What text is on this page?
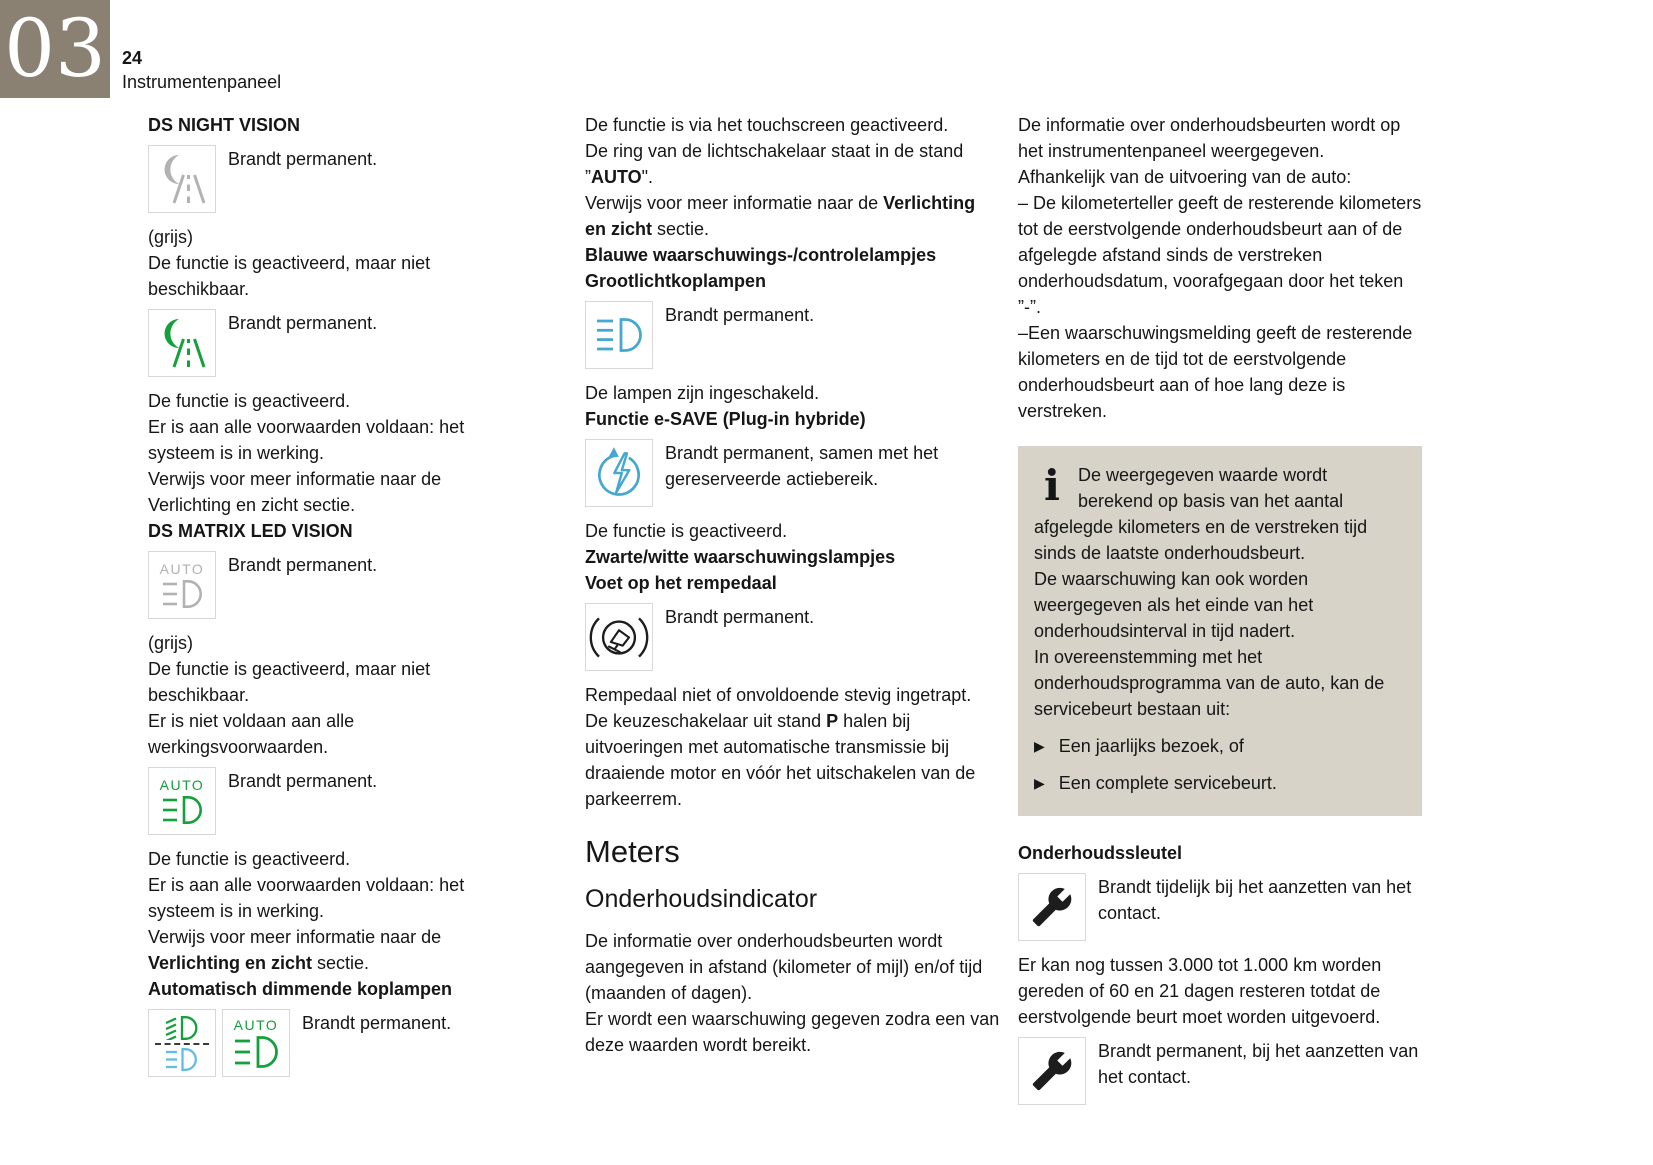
03 24
Instrumentenpaneel

DS NIGHT VISION

Brandt permanent.

(grijs)

De functie is geactiveerd, maar niet beschikbaar.

Brandt permanent.

De functie is geactiveerd.

Er is aan alle voorwaarden voldaan: het systeem is in werking.

Verwijs voor meer informatie naar de Verlichting en zicht sectie.

DS MATRIX LED VISION

AUTO Brandt permanent.

(grijs)

De functie is geactiveerd, maar niet beschikbaar.

Er is niet voldaan aan alle werkingsvoorwaarden.

AUTO Brandt permanent.

De functie is geactiveerd.

Er is aan alle voorwaarden voldaan: het systeem is in werking.

Verwijs voor meer informatie naar de Verlichting en zicht sectie.

Automatisch dimmende koplampen

AUTO Brandt permanent.

De functie is via het touchscreen geactiveerd.

De ring van de lichtschakelaar staat in de stand ”AUTO".

Verwijs voor meer informatie naar de Verlichting en zicht sectie.

Blauwe waarschuwings-/controlelampjes

Grootlichtkoplampen

Brandt permanent.

De lampen zijn ingeschakeld.

Functie e-SAVE (Plug-in hybride)

Brandt permanent, samen met het gereserveerde actiebereik.

De functie is geactiveerd.

Zwarte/witte waarschuwingslampjes

Voet op het rempedaal

Brandt permanent.

Rempedaal niet of onvoldoende stevig ingetrapt.

De keuzeschakelaar uit stand P halen bij uitvoeringen met automatische transmissie bij draaiende motor en vóór het uitschakelen van de parkeerrem.

Meters
Onderhoudsindicator

De informatie over onderhoudsbeurten wordt aangegeven in afstand (kilometer of mijl) en/of tijd (maanden of dagen).

Er wordt een waarschuwing gegeven zodra een van deze waarden wordt bereikt.

De informatie over onderhoudsbeurten wordt op het instrumentenpaneel weergegeven.

Afhankelijk van de uitvoering van de auto:

– De kilometerteller geeft de resterende kilometers tot de eerstvolgende onderhoudsbeurt aan of de afgelegde afstand sinds de verstreken onderhoudsdatum, voorafgegaan door het teken ”-”.

–Een waarschuwingsmelding geeft de resterende kilometers en de tijd tot de eerstvolgende onderhoudsbeurt aan of hoe lang deze is verstreken.

i	De weergegeven waarde wordt berekend op basis van het aantal afgelegde kilometers en de verstreken tijd sinds de laatste onderhoudsbeurt.

De waarschuwing kan ook worden weergegeven als het einde van het onderhoudsinterval in tijd nadert.

In overeenstemming met het onderhoudsprogramma van de auto, kan de servicebeurt bestaan uit:

▶ Een jaarlijks bezoek, of
▶ Een complete servicebeurt.

Onderhoudssleutel

Brandt tijdelijk bij het aanzetten van het contact.

Er kan nog tussen 3.000 tot 1.000 km worden gereden of 60 en 21 dagen resteren totdat de eerstvolgende beurt moet worden uitgevoerd.

Brandt permanent, bij het aanzetten van het contact.
